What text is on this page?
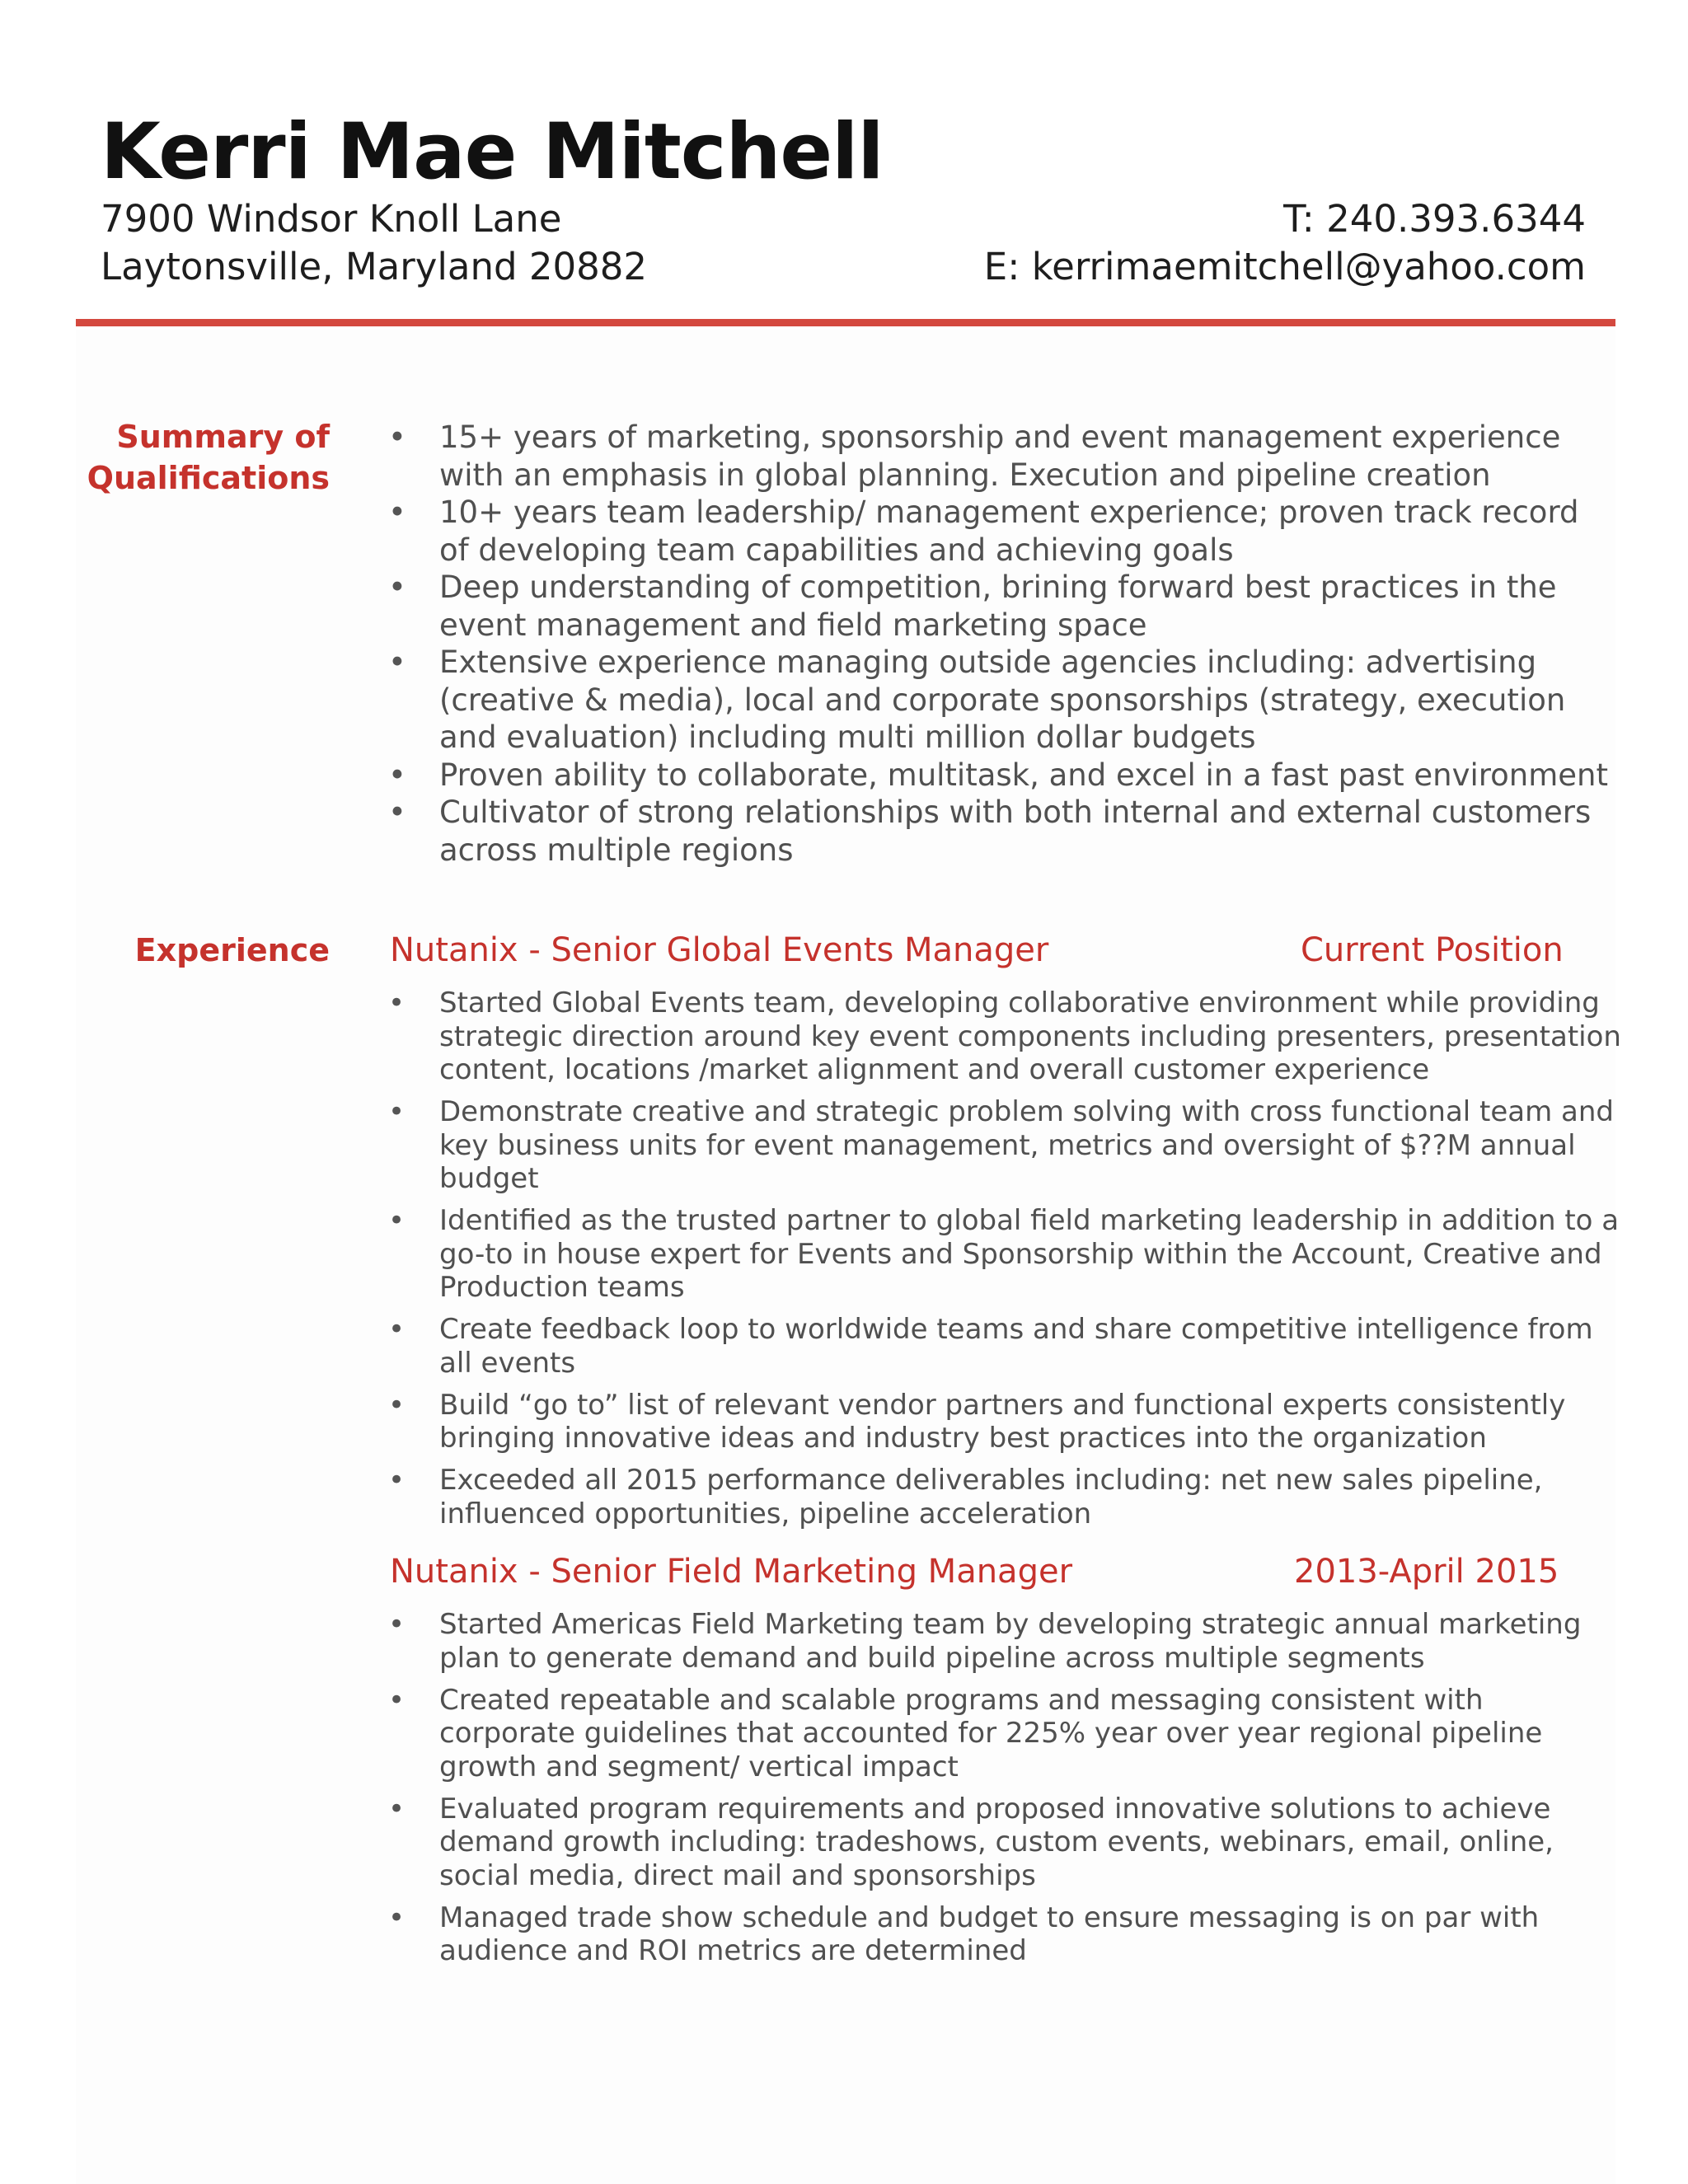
Kerri Mae Mitchell
7900 Windsor Knoll Lane
Laytonsville, Maryland 20882
T: 240.393.6344
E: kerrimaemitchell@yahoo.com
Summary of
Qualifications
• 15+ years of marketing, sponsorship and event management experience
with an emphasis in global planning. Execution and pipeline creation
• 10+ years team leadership/ management experience; proven track record
of developing team capabilities and achieving goals
• Deep understanding of competition, brining forward best practices in the
event management and field marketing space
• Extensive experience managing outside agencies including: advertising
(creative & media), local and corporate sponsorships (strategy, execution
and evaluation) including multi million dollar budgets
• Proven ability to collaborate, multitask, and excel in a fast past environment
• Cultivator of strong relationships with both internal and external customers
across multiple regions
Experience Nutanix - Senior Global Events Manager	Current Position
• Started Global Events team, developing collaborative environment while providing
strategic direction around key event components including presenters, presentation
content, locations /market alignment and overall customer experience
• Demonstrate creative and strategic problem solving with cross functional team and
key business units for event management, metrics and oversight of $??M annual
budget
• Identified as the trusted partner to global field marketing leadership in addition to a
go-to in house expert for Events and Sponsorship within the Account, Creative and
Production teams
• Create feedback loop to worldwide teams and share competitive intelligence from
all events
• Build “go to” list of relevant vendor partners and functional experts consistently
bringing innovative ideas and industry best practices into the organization
• Exceeded all 2015 performance deliverables including: net new sales pipeline,
influenced opportunities, pipeline acceleration
Nutanix - Senior Field Marketing Manager	2013-April 2015
• Started Americas Field Marketing team by developing strategic annual marketing
plan to generate demand and build pipeline across multiple segments
• Created repeatable and scalable programs and messaging consistent with
corporate guidelines that accounted for 225% year over year regional pipeline
growth and segment/ vertical impact
• Evaluated program requirements and proposed innovative solutions to achieve
demand growth including: tradeshows, custom events, webinars, email, online,
social media, direct mail and sponsorships
• Managed trade show schedule and budget to ensure messaging is on par with
audience and ROI metrics are determined
